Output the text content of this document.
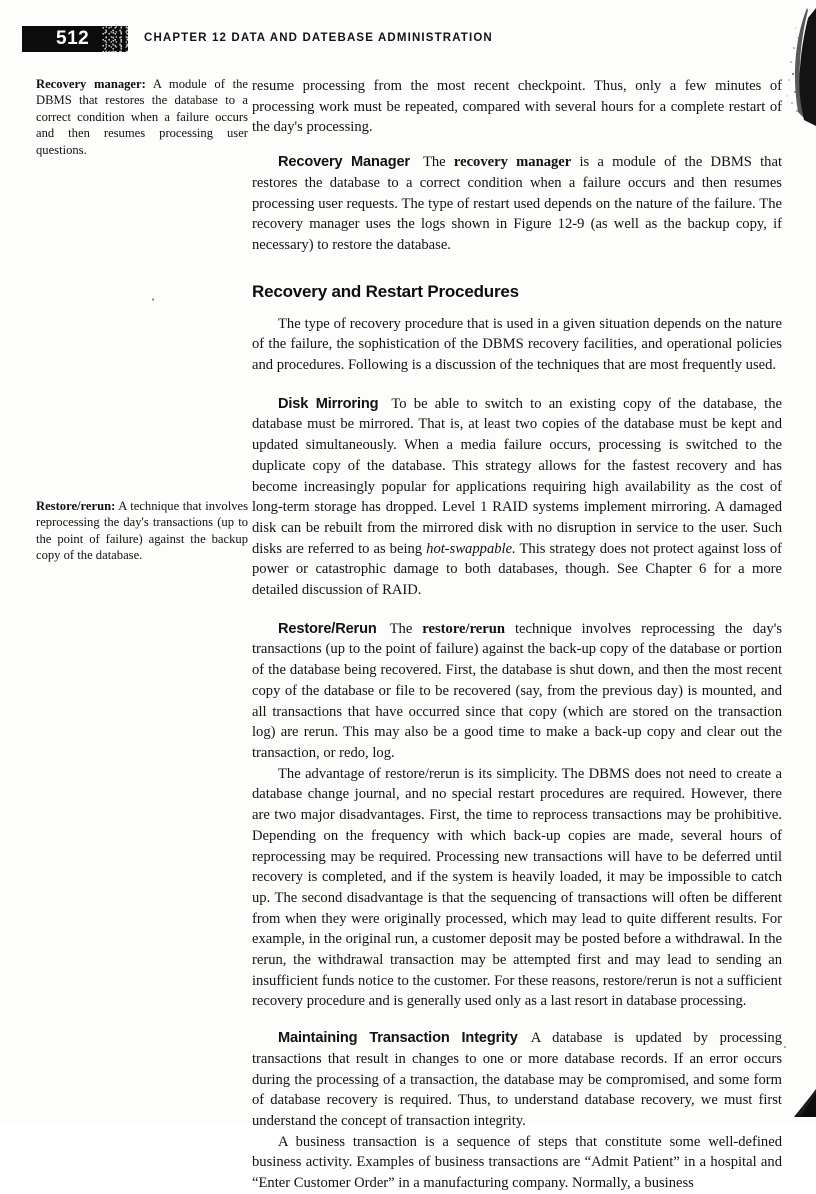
512	CHAPTER 12 DATA AND DATEBASE ADMINISTRATION
Recovery manager: A module of the DBMS that restores the database to a correct condition when a failure occurs and then resumes processing user questions.
Restore/rerun: A technique that involves reprocessing the day's transactions (up to the point of failure) against the backup copy of the database.

resume processing from the most recent checkpoint. Thus, only a few minutes of processing work must be repeated, compared with several hours for a complete restart of the day's processing.

Recovery Manager The recovery manager is a module of the DBMS that restores the database to a correct condition when a failure occurs and then resumes processing user requests. The type of restart used depends on the nature of the failure. The recovery manager uses the logs shown in Figure 12-9 (as well as the backup copy, if necessary) to restore the database.

Recovery and Restart Procedures

The type of recovery procedure that is used in a given situation depends on the nature of the failure, the sophistication of the DBMS recovery facilities, and operational policies and procedures. Following is a discussion of the techniques that are most frequently used.

Disk Mirroring To be able to switch to an existing copy of the database, the database must be mirrored. That is, at least two copies of the database must be kept and updated simultaneously. When a media failure occurs, processing is switched to the duplicate copy of the database. This strategy allows for the fastest recovery and has become increasingly popular for applications requiring high availability as the cost of long-term storage has dropped. Level 1 RAID systems implement mirroring. A damaged disk can be rebuilt from the mirrored disk with no disruption in service to the user. Such disks are referred to as being hot-swappable. This strategy does not protect against loss of power or catastrophic damage to both databases, though. See Chapter 6 for a more detailed discussion of RAID.

Restore/Rerun The restore/rerun technique involves reprocessing the day's transactions (up to the point of failure) against the back-up copy of the database or portion of the database being recovered. First, the database is shut down, and then the most recent copy of the database or file to be recovered (say, from the previous day) is mounted, and all transactions that have occurred since that copy (which are stored on the transaction log) are rerun. This may also be a good time to make a back-up copy and clear out the transaction, or redo, log.

The advantage of restore/rerun is its simplicity. The DBMS does not need to create a database change journal, and no special restart procedures are required. However, there are two major disadvantages. First, the time to reprocess transactions may be prohibitive. Depending on the frequency with which back-up copies are made, several hours of reprocessing may be required. Processing new transactions will have to be deferred until recovery is completed, and if the system is heavily loaded, it may be impossible to catch up. The second disadvantage is that the sequencing of transactions will often be different from when they were originally processed, which may lead to quite different results. For example, in the original run, a customer deposit may be posted before a withdrawal. In the rerun, the withdrawal transaction may be attempted first and may lead to sending an insufficient funds notice to the customer. For these reasons, restore/rerun is not a sufficient recovery procedure and is generally used only as a last resort in database processing.

Maintaining Transaction Integrity A database is updated by processing transactions that result in changes to one or more database records. If an error occurs during the processing of a transaction, the database may be compromised, and some form of database recovery is required. Thus, to understand database recovery, we must first understand the concept of transaction integrity.

A business transaction is a sequence of steps that constitute some well-defined business activity. Examples of business transactions are “Admit Patient” in a hospital and “Enter Customer Order” in a manufacturing company. Normally, a business
